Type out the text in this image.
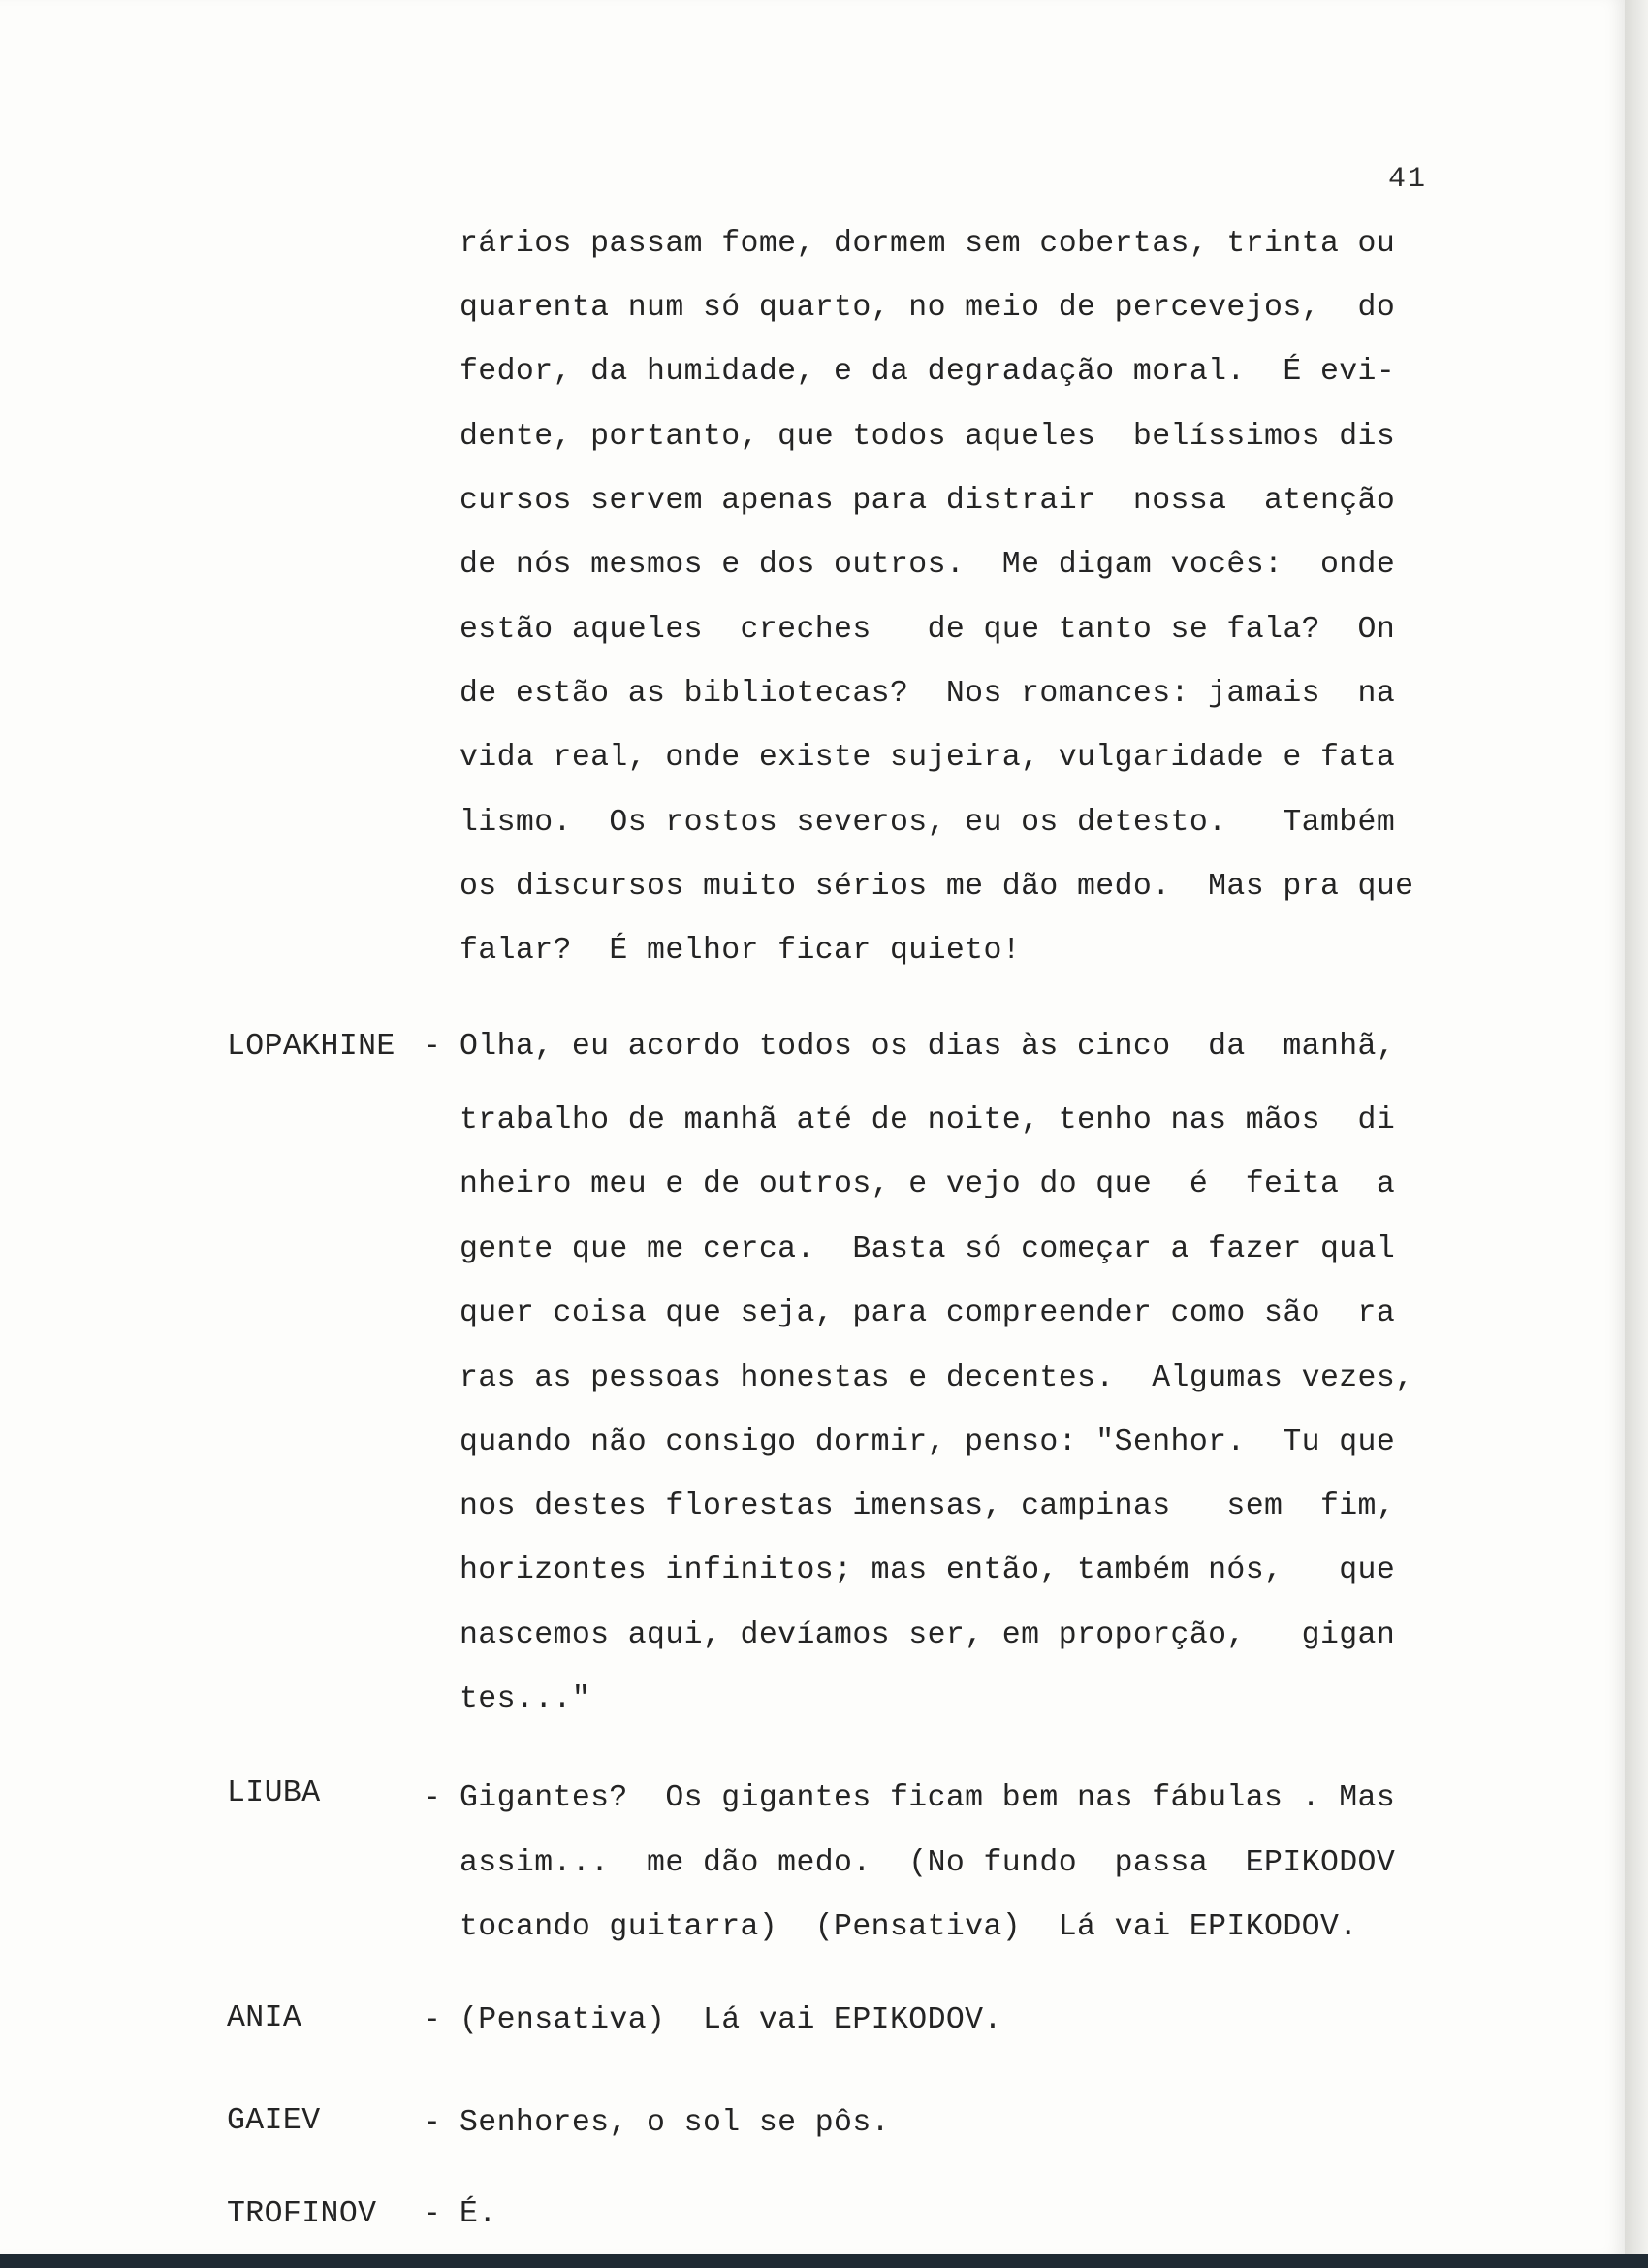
41
rários passam fome, dormem sem cobertas, trinta ou
quarenta num só quarto, no meio de percevejos,  do
fedor, da humidade, e da degradação moral.  É evi-
dente, portanto, que todos aqueles  belíssimos dis
cursos servem apenas para distrair  nossa  atenção
de nós mesmos e dos outros.  Me digam vocês:  onde
estão aqueles  creches   de que tanto se fala?  On
de estão as bibliotecas?  Nos romances: jamais  na
vida real, onde existe sujeira, vulgaridade e fata
lismo.  Os rostos severos, eu os detesto.   Também
os discursos muito sérios me dão medo.  Mas pra que
falar?  É melhor ficar quieto!
LOPAKHINE - Olha, eu acordo todos os dias às cinco  da  manhã,
trabalho de manhã até de noite, tenho nas mãos  di
nheiro meu e de outros, e vejo do que  é  feita  a
gente que me cerca.  Basta só começar a fazer qual
quer coisa que seja, para compreender como são  ra
ras as pessoas honestas e decentes.  Algumas vezes,
quando não consigo dormir, penso: "Senhor.  Tu que
nos destes florestas imensas, campinas   sem  fim,
horizontes infinitos; mas então, também nós,   que
nascemos aqui, devíamos ser, em proporção,   gigan
tes..."
LIUBA	- Gigantes?  Os gigantes ficam bem nas fábulas . Mas
assim...  me dão medo.  (No fundo  passa  EPIKODOV
tocando guitarra)  (Pensativa)  Lá vai EPIKODOV.
ANIA	- (Pensativa)  Lá vai EPIKODOV.
GAIEV	- Senhores, o sol se pôs.
TROFINOV - É.
